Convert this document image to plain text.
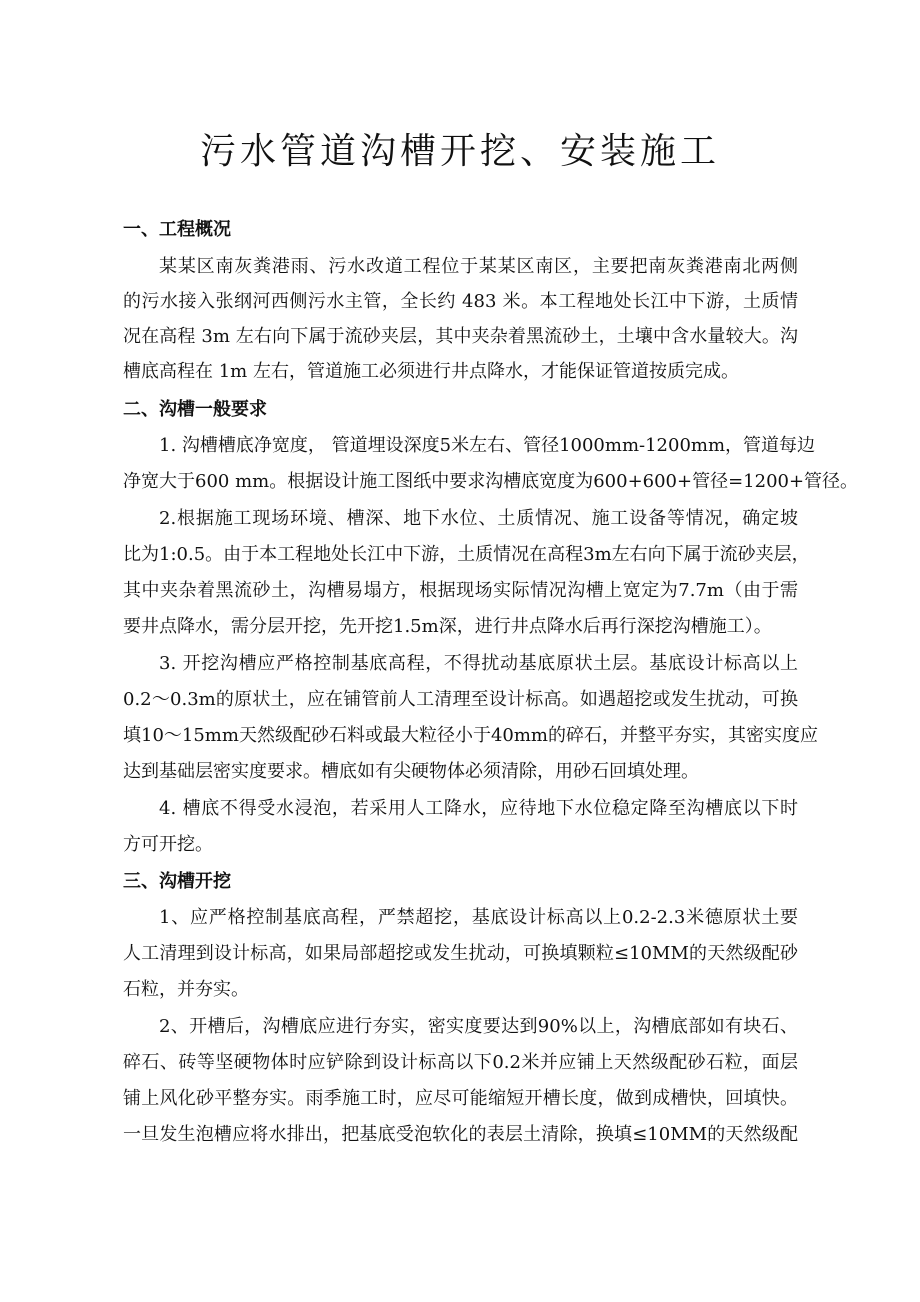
污水管道沟槽开挖、安装施工
一、工程概况

某某区南灰粪港雨、污水改道工程位于某某区南区，主要把南灰粪港南北两侧

的污水接入张纲河西侧污水主管，全长约 483 米。本工程地处长江中下游，土质情

况在高程 3m 左右向下属于流砂夹层，其中夹杂着黑流砂土，土壤中含水量较大。沟

槽底高程在 1m 左右，管道施工必须进行井点降水，才能保证管道按质完成。

二、沟槽一般要求

1. 沟槽槽底净宽度， 管道埋设深度5米左右、管径1000mm-1200mm，管道每边

净宽大于600 mm。根据设计施工图纸中要求沟槽底宽度为600+600+管径=1200+管径。

2.根据施工现场环境、槽深、地下水位、土质情况、施工设备等情况，确定坡

比为1:0.5。由于本工程地处长江中下游，土质情况在高程3m左右向下属于流砂夹层，

其中夹杂着黑流砂土，沟槽易塌方，根据现场实际情况沟槽上宽定为7.7m（由于需

要井点降水，需分层开挖，先开挖1.5m深，进行井点降水后再行深挖沟槽施工）。

3. 开挖沟槽应严格控制基底高程，不得扰动基底原状土层。基底设计标高以上

0.2～0.3m的原状土，应在铺管前人工清理至设计标高。如遇超挖或发生扰动，可换

填10～15mm天然级配砂石料或最大粒径小于40mm的碎石，并整平夯实，其密实度应

达到基础层密实度要求。槽底如有尖硬物体必须清除，用砂石回填处理。

4. 槽底不得受水浸泡，若采用人工降水，应待地下水位稳定降至沟槽底以下时

方可开挖。

三、沟槽开挖

1、应严格控制基底高程，严禁超挖，基底设计标高以上0.2-2.3米德原状土要

人工清理到设计标高，如果局部超挖或发生扰动，可换填颗粒≤10MM的天然级配砂

石粒，并夯实。

2、开槽后，沟槽底应进行夯实，密实度要达到90%以上，沟槽底部如有块石、

碎石、砖等坚硬物体时应铲除到设计标高以下0.2米并应铺上天然级配砂石粒，面层

铺上风化砂平整夯实。雨季施工时，应尽可能缩短开槽长度，做到成槽快，回填快。

一旦发生泡槽应将水排出，把基底受泡软化的表层土清除，换填≤10MM的天然级配
